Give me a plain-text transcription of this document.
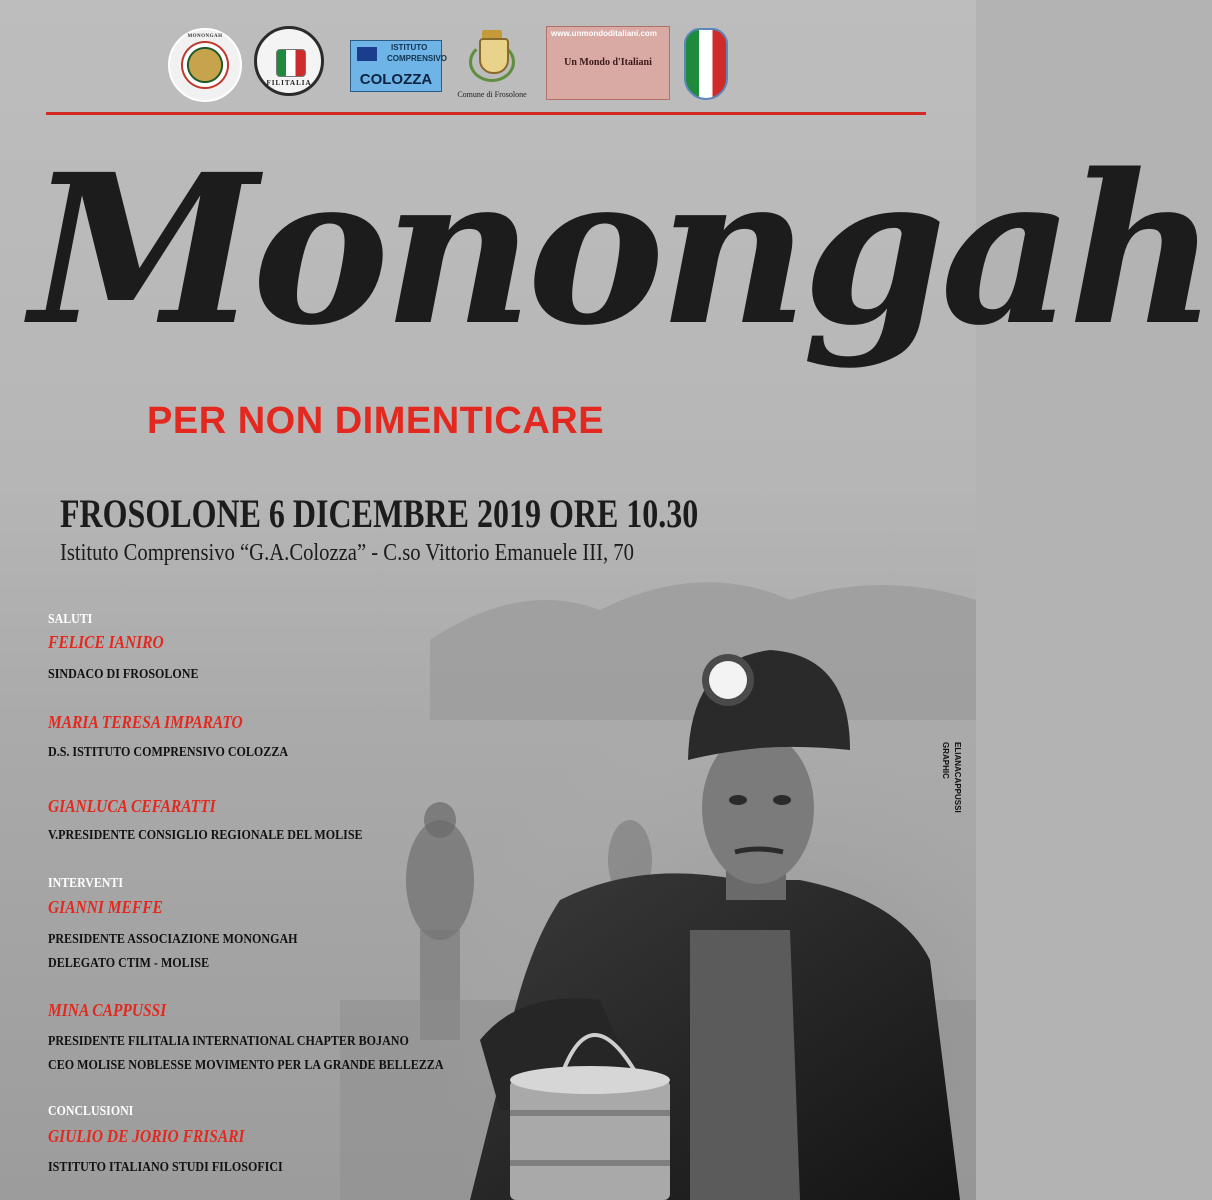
MONONGAH
FILITALIA
ISTITUTO
COMPRENSIVO
COLOZZA
Comune di Frosolone
www.unmondoditaliani.com
Un Mondo d'Italiani
Monongah
PER NON DIMENTICARE
FROSOLONE 6 DICEMBRE 2019 ORE 10.30
Istituto Comprensivo “G.A.Colozza” - C.so Vittorio Emanuele III, 70
SALUTI
FELICE IANIRO
SINDACO DI FROSOLONE
MARIA TERESA IMPARATO
D.S. ISTITUTO COMPRENSIVO COLOZZA
GIANLUCA CEFARATTI
V.PRESIDENTE CONSIGLIO REGIONALE DEL MOLISE
INTERVENTI
GIANNI MEFFE
PRESIDENTE ASSOCIAZIONE MONONGAH
DELEGATO CTIM - MOLISE
MINA CAPPUSSI
PRESIDENTE FILITALIA INTERNATIONAL CHAPTER BOJANO
CEO MOLISE NOBLESSE MOVIMENTO PER LA GRANDE BELLEZZA
CONCLUSIONI
GIULIO DE JORIO FRISARI
ISTITUTO ITALIANO STUDI FILOSOFICI
GRAPHIC ELIANACAPPUSSI
